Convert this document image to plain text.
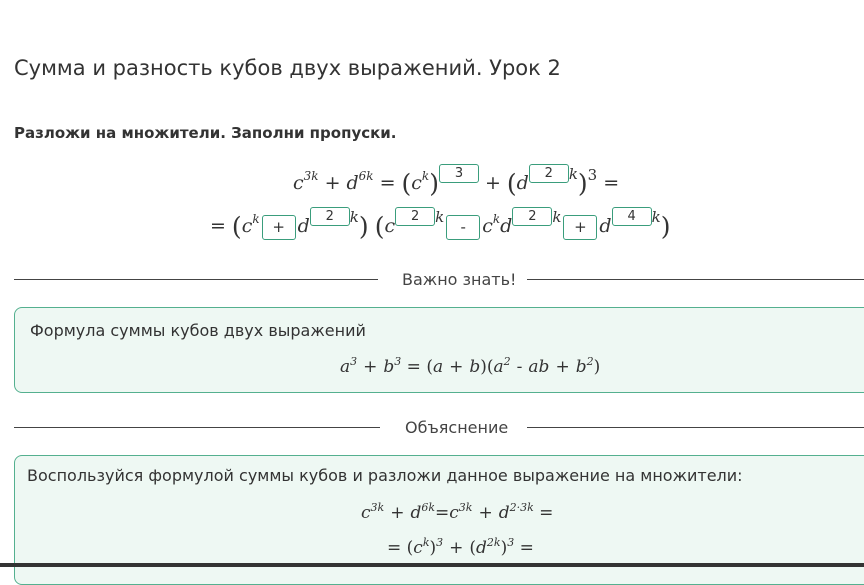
Сумма и разность кубов двух выражений. Урок 2
Разложи на множители. Заполни пропуски.
$c^{3k} + d^{6k} = (c^k) 3 + (d$ 2 $^k$)$^3$ =
= ($c^k + d$ 2 $^k$) (c 2 $^k$- $c^kd$ 2 $^k$+ d 4 $^k$)
Важно знать!
Формула суммы кубов двух выражений
$a^3 + b^3 = (a + b)(a^2$ - ab + $b^2$)
Объяснение
Воспользуйся формулой суммы кубов и разложи данное выражение на множители:
$c^{3k} + d^{6k}=c^{3k} + d^{2\cdot 3k}$ =
= $(c^k)^3 + (d^{2k})^3$ =
